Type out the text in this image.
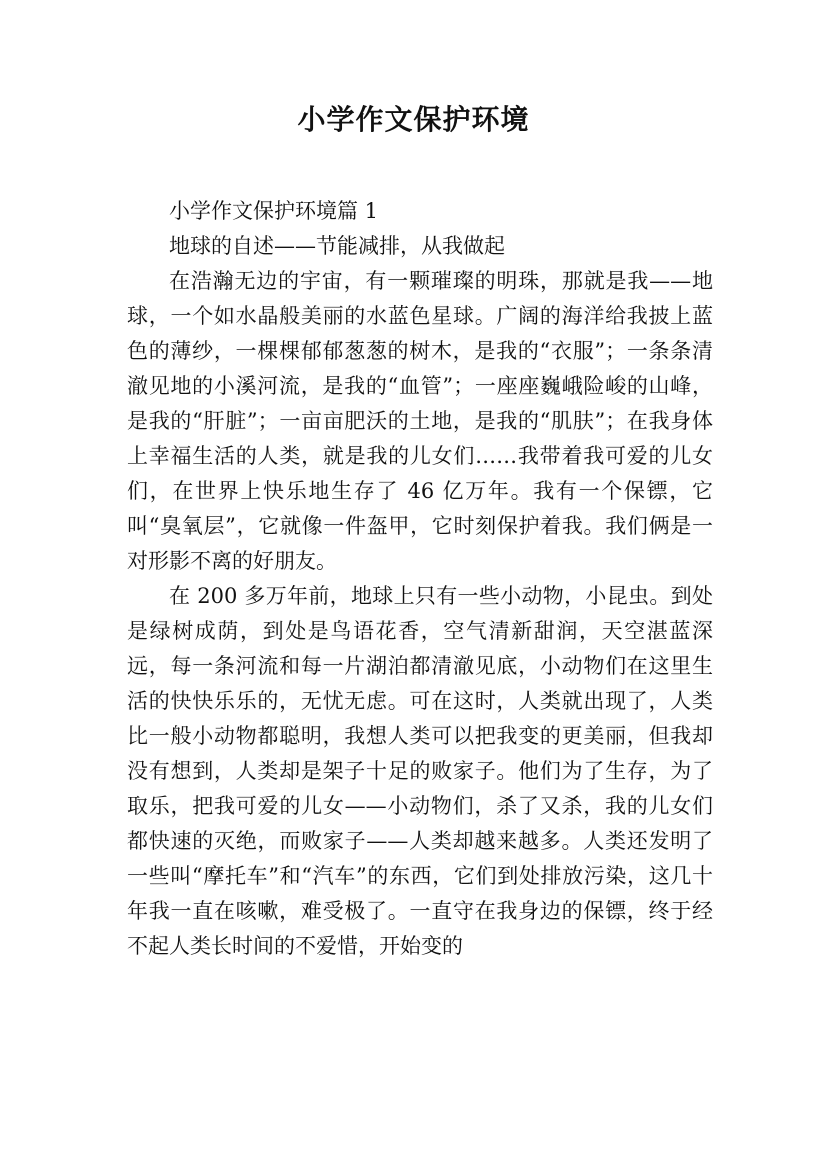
小学作文保护环境

小学作文保护环境篇 1

地球的自述——节能减排，从我做起

在浩瀚无边的宇宙，有一颗璀璨的明珠，那就是我——地球，一个如水晶般美丽的水蓝色星球。广阔的海洋给我披上蓝色的薄纱，一棵棵郁郁葱葱的树木，是我的“衣服”；一条条清澈见地的小溪河流，是我的“血管”；一座座巍峨险峻的山峰，是我的“肝脏”；一亩亩肥沃的土地，是我的“肌肤”；在我身体上幸福生活的人类，就是我的儿女们……我带着我可爱的儿女们，在世界上快乐地生存了 46 亿万年。我有一个保镖，它叫“臭氧层”，它就像一件盔甲，它时刻保护着我。我们俩是一对形影不离的好朋友。

在 200 多万年前，地球上只有一些小动物，小昆虫。到处是绿树成荫，到处是鸟语花香，空气清新甜润，天空湛蓝深远，每一条河流和每一片湖泊都清澈见底，小动物们在这里生活的快快乐乐的，无忧无虑。可在这时，人类就出现了，人类比一般小动物都聪明，我想人类可以把我变的更美丽，但我却没有想到，人类却是架子十足的败家子。他们为了生存，为了取乐，把我可爱的儿女——小动物们，杀了又杀，我的儿女们都快速的灭绝，而败家子——人类却越来越多。人类还发明了一些叫“摩托车”和“汽车”的东西，它们到处排放污染，这几十年我一直在咳嗽，难受极了。一直守在我身边的保镖，终于经不起人类长时间的不爱惜，开始变的
